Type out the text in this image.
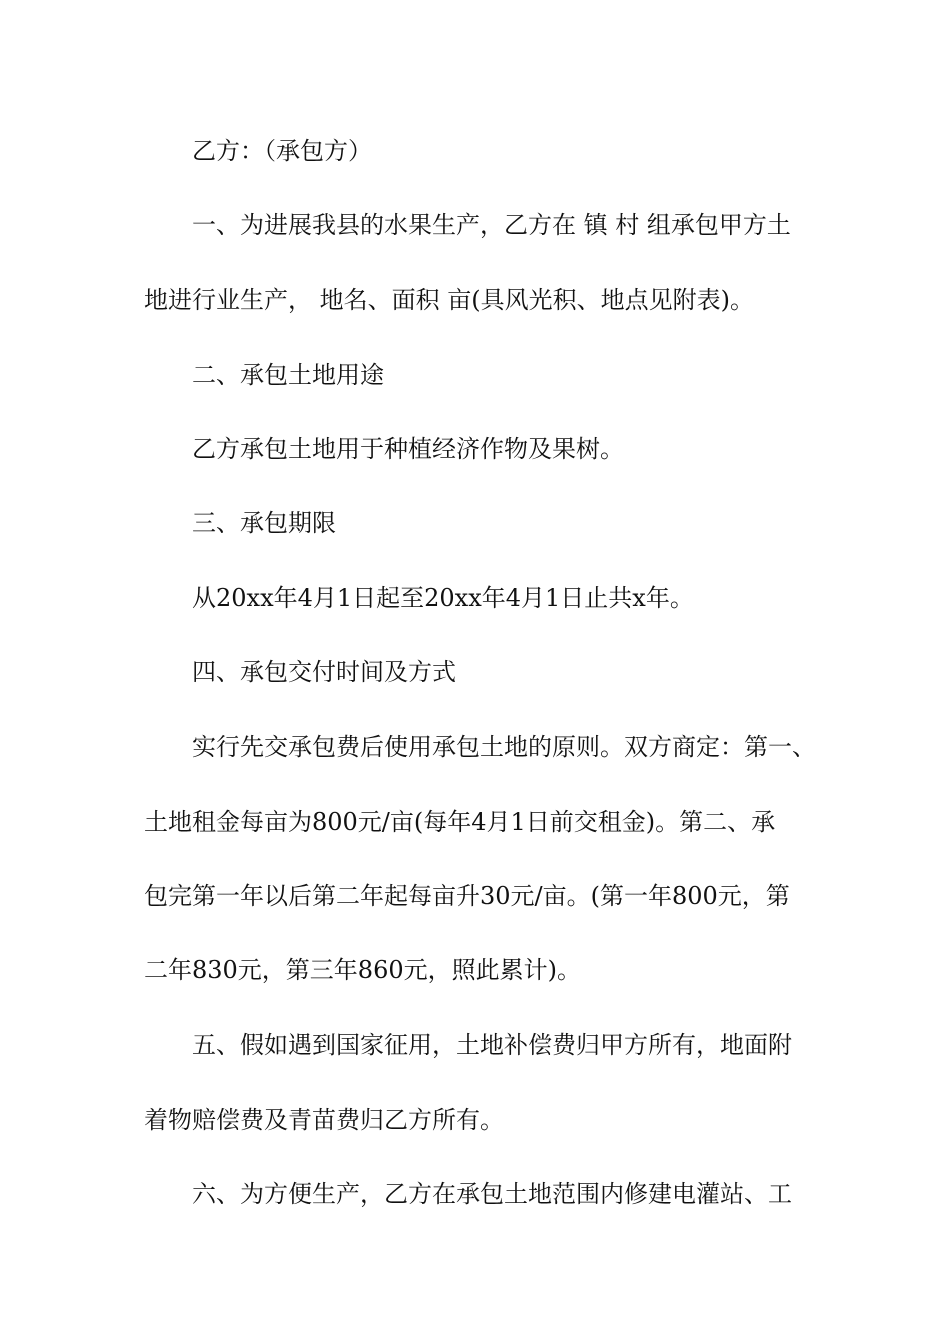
乙方：（承包方）
一、为进展我县的水果生产，乙方在 镇 村 组承包甲方土
地进行业生产， 地名、面积 亩(具风光积、地点见附表)。
二、承包土地用途
乙方承包土地用于种植经济作物及果树。
三、承包期限
从20xx年4月1日起至20xx年4月1日止共x年。
四、承包交付时间及方式
实行先交承包费后使用承包土地的原则。双方商定：第一、
土地租金每亩为800元/亩(每年4月1日前交租金)。第二、承
包完第一年以后第二年起每亩升30元/亩。(第一年800元，第
二年830元，第三年860元，照此累计)。
五、假如遇到国家征用，土地补偿费归甲方所有，地面附
着物赔偿费及青苗费归乙方所有。
六、为方便生产，乙方在承包土地范围内修建电灌站、工
